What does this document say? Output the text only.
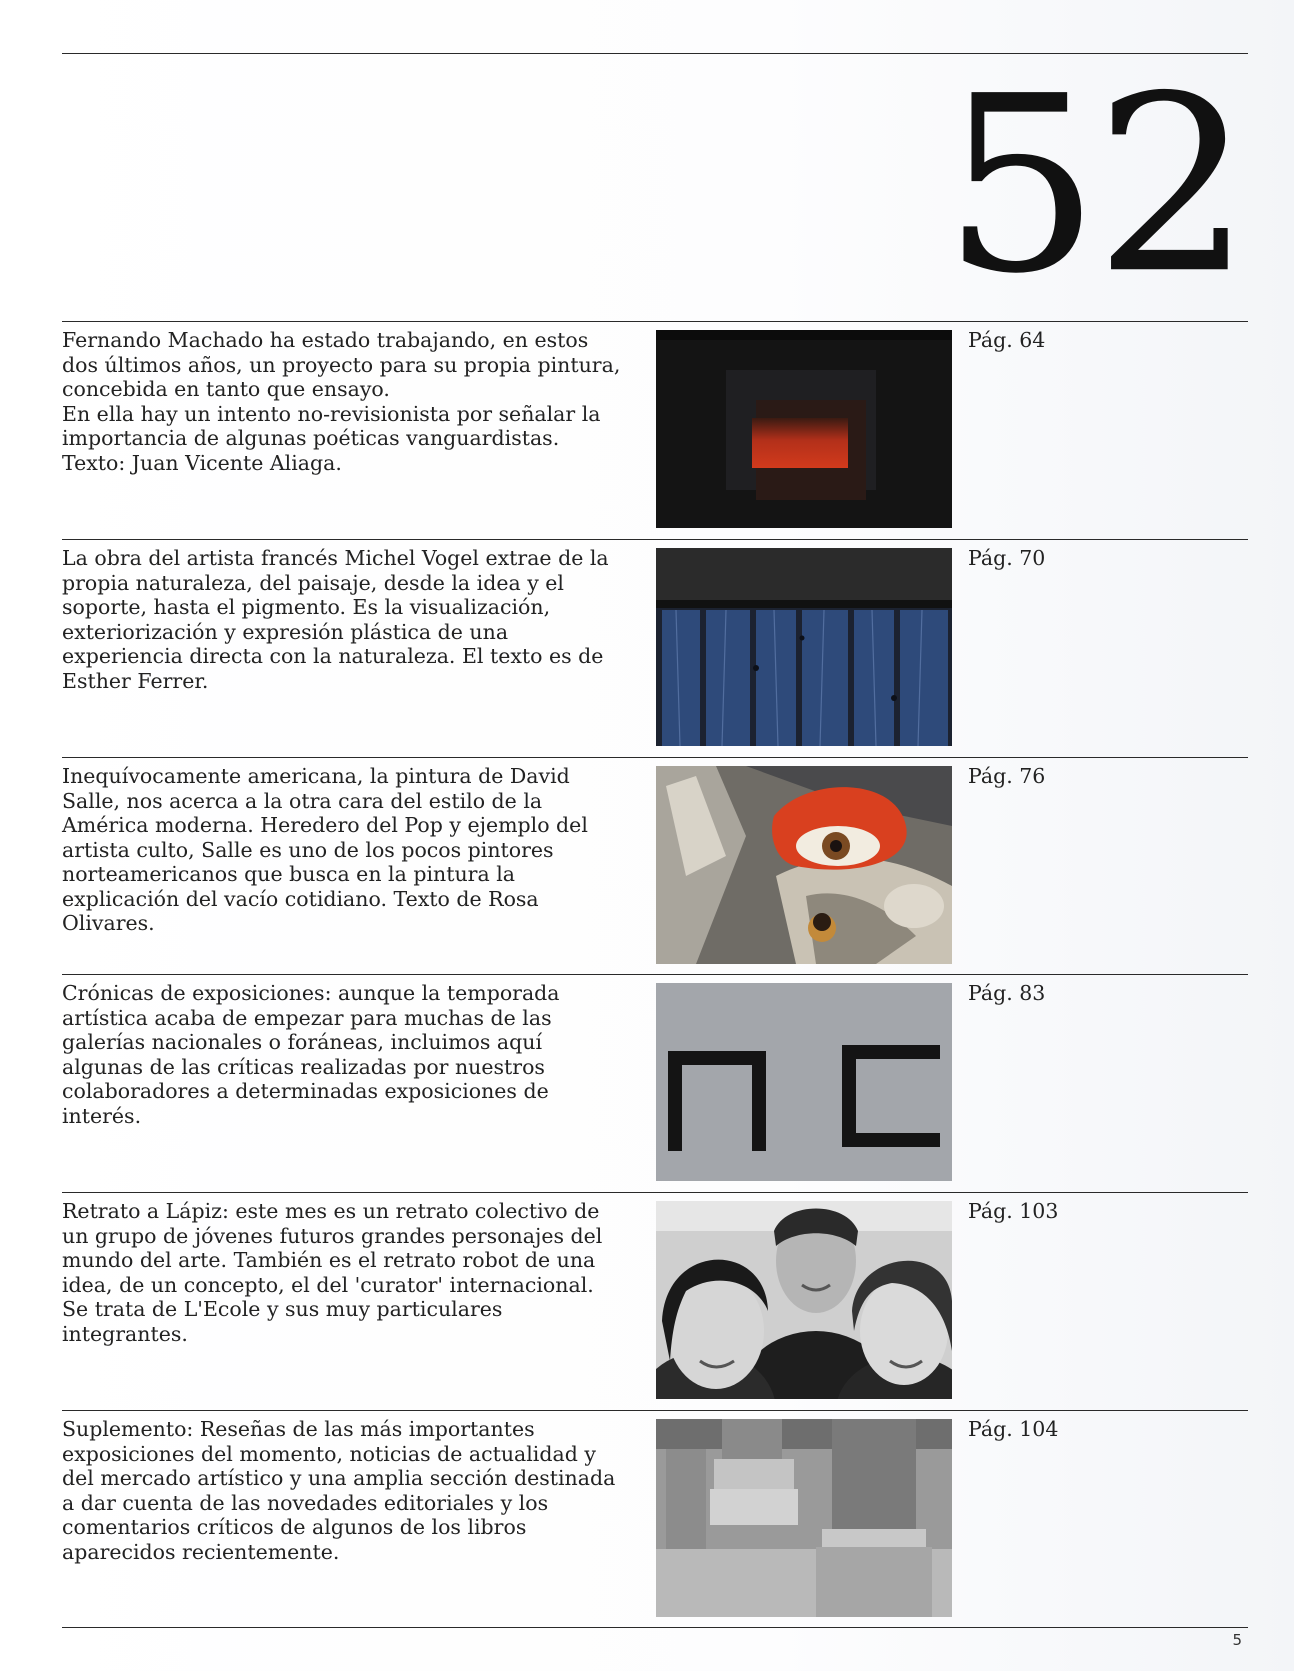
52

Fernando Machado ha estado trabajando, en estos dos últimos años, un proyecto para su propia pintura, concebida en tanto que ensayo.

En ella hay un intento no-revisionista por señalar la importancia de algunas poéticas vanguardistas.

Texto: Juan Vicente Aliaga.

Pág. 64

La obra del artista francés Michel Vogel extrae de la propia naturaleza, del paisaje, desde la idea y el soporte, hasta el pigmento. Es la visualización, exteriorización y expresión plástica de una experiencia directa con la naturaleza. El texto es de Esther Ferrer.

Pág. 70

Inequívocamente americana, la pintura de David Salle, nos acerca a la otra cara del estilo de la América moderna. Heredero del Pop y ejemplo del artista culto, Salle es uno de los pocos pintores norteamericanos que busca en la pintura la explicación del vacío cotidiano. Texto de Rosa Olivares.

Pág. 76

Crónicas de exposiciones: aunque la temporada artística acaba de empezar para muchas de las galerías nacionales o foráneas, incluimos aquí algunas de las críticas realizadas por nuestros colaboradores a determinadas exposiciones de interés.

Pág. 83

Retrato a Lápiz: este mes es un retrato colectivo de un grupo de jóvenes futuros grandes personajes del mundo del arte. También es el retrato robot de una idea, de un concepto, el del 'curator' internacional. Se trata de L'Ecole y sus muy particulares integrantes.

Pág. 103

Suplemento: Reseñas de las más importantes exposiciones del momento, noticias de actualidad y del mercado artístico y una amplia sección destinada a dar cuenta de las novedades editoriales y los comentarios críticos de algunos de los libros aparecidos recientemente.

Pág. 104
5
